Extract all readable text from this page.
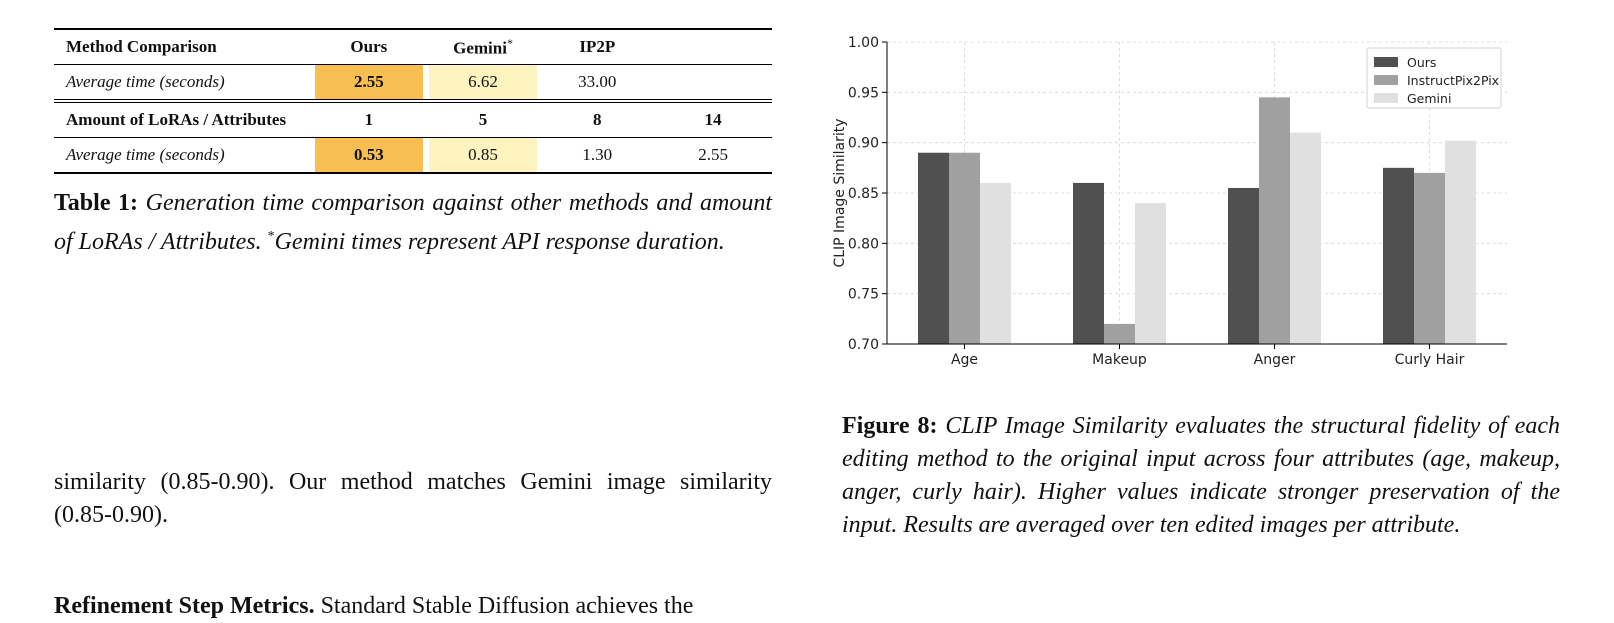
Method Comparison	Ours	Gemini*	IP2P	
Average time (seconds)	2.55	6.62	33.00	
Amount of LoRAs / Attributes	1	5	8	14
Average time (seconds)	0.53	0.85	1.30	2.55
Table 1: Generation time comparison against other methods and amount of LoRAs / Attributes. *Gemini times represent API response duration.
similarity (0.85-0.90). Our method matches Gemini image similarity (0.85-0.90).
Refinement Step Metrics. Standard Stable Diffusion achieves the
0.70
0.75
0.80
0.85
0.90
0.95
1.00
Age	Makeup	Anger	Curly Hair
CLIP Image Similarity
Ours
InstructPix2Pix
Gemini
Figure 8: CLIP Image Similarity evaluates the structural fidelity of each editing method to the original input across four attributes (age, makeup, anger, curly hair). Higher values indicate stronger preservation of the input. Results are averaged over ten edited images per attribute.
